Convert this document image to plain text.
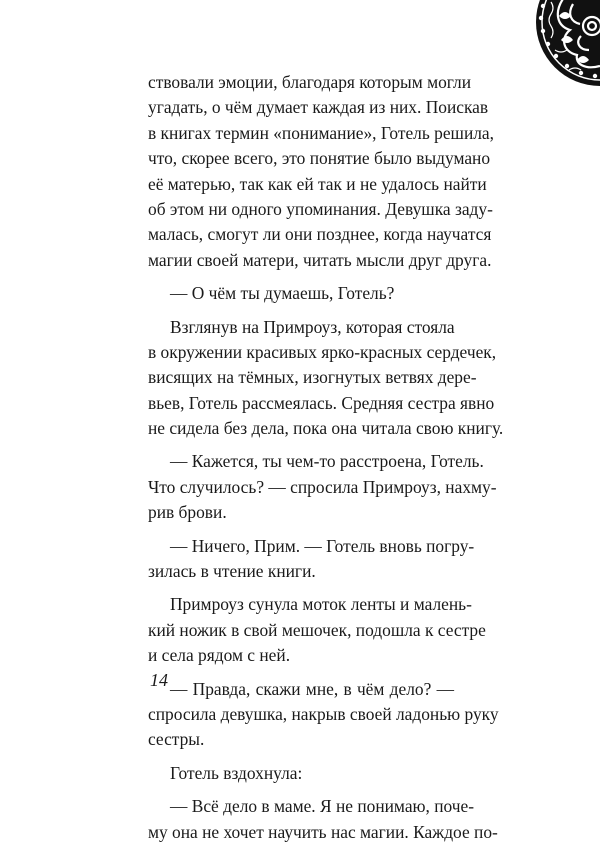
ствовали эмоции, благодаря которым могли
угадать, о чём думает каждая из них. Поискав
в книгах термин «понимание», Готель решила,
что, скорее всего, это понятие было выдумано
её матерью, так как ей так и не удалось найти
об этом ни одного упоминания. Девушка заду-
малась, смогут ли они позднее, когда научатся
магии своей матери, читать мысли друг друга.
— О чём ты думаешь, Готель?
Взглянув на Примроуз, которая стояла
в окружении красивых ярко-красных сердечек,
висящих на тёмных, изогнутых ветвях дере-
вьев, Готель рассмеялась. Средняя сестра явно
не сидела без дела, пока она читала свою книгу.
— Кажется, ты чем-то расстроена, Готель.
Что случилось? — спросила Примроуз, нахму-
рив брови.
— Ничего, Прим. — Готель вновь погру-
зилась в чтение книги.
Примроуз сунула моток ленты и малень-
кий ножик в свой мешочек, подошла к сестре
и села рядом с ней.
— Правда, скажи мне, в чём дело? —
спросила девушка, накрыв своей ладонью руку
сестры.
Готель вздохнула:
— Всё дело в маме. Я не понимаю, поче-
му она не хочет научить нас магии. Каждое по-
14
